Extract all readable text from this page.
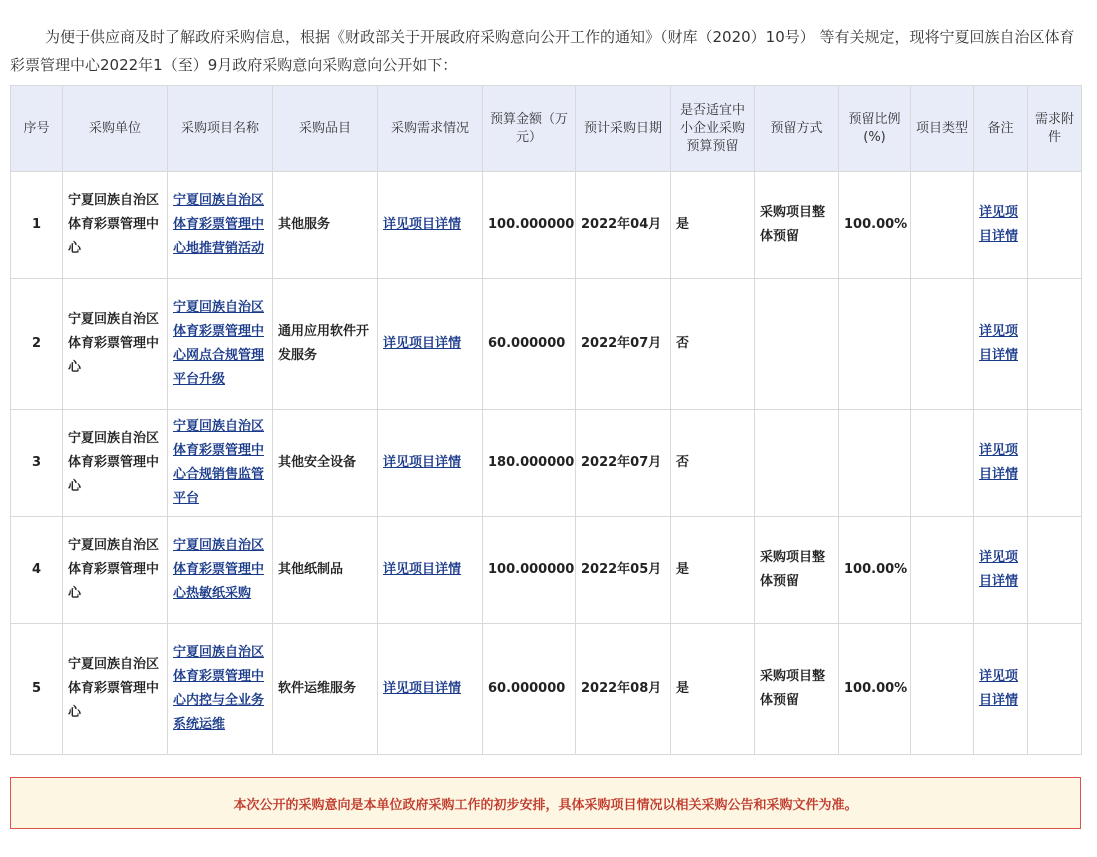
为便于供应商及时了解政府采购信息，根据《财政部关于开展政府采购意向公开工作的通知》（财库（2020）10号） 等有关规定，现将宁夏回族自治区体育彩票管理中心2022年1（至）9月政府采购意向采购意向公开如下：

序号	采购单位	采购项目名称	采购品目	采购需求情况	预算金额（万元）	预计采购日期	是否适宜中小企业采购预算预留	预留方式	预留比例(%)	项目类型	备注	需求附件
1	宁夏回族自治区体育彩票管理中心	宁夏回族自治区体育彩票管理中心地推营销活动	其他服务	详见项目详情	100.000000	2022年04月	是	采购项目整体预留	100.00%		详见项目详情	
2	宁夏回族自治区体育彩票管理中心	宁夏回族自治区体育彩票管理中心网点合规管理平台升级	通用应用软件开发服务	详见项目详情	60.000000	2022年07月	否				详见项目详情	
3	宁夏回族自治区体育彩票管理中心	宁夏回族自治区体育彩票管理中心合规销售监管平台	其他安全设备	详见项目详情	180.000000	2022年07月	否				详见项目详情	
4	宁夏回族自治区体育彩票管理中心	宁夏回族自治区体育彩票管理中心热敏纸采购	其他纸制品	详见项目详情	100.000000	2022年05月	是	采购项目整体预留	100.00%		详见项目详情	
5	宁夏回族自治区体育彩票管理中心	宁夏回族自治区体育彩票管理中心内控与全业务系统运维	软件运维服务	详见项目详情	60.000000	2022年08月	是	采购项目整体预留	100.00%		详见项目详情	
本次公开的采购意向是本单位政府采购工作的初步安排，具体采购项目情况以相关采购公告和采购文件为准。
